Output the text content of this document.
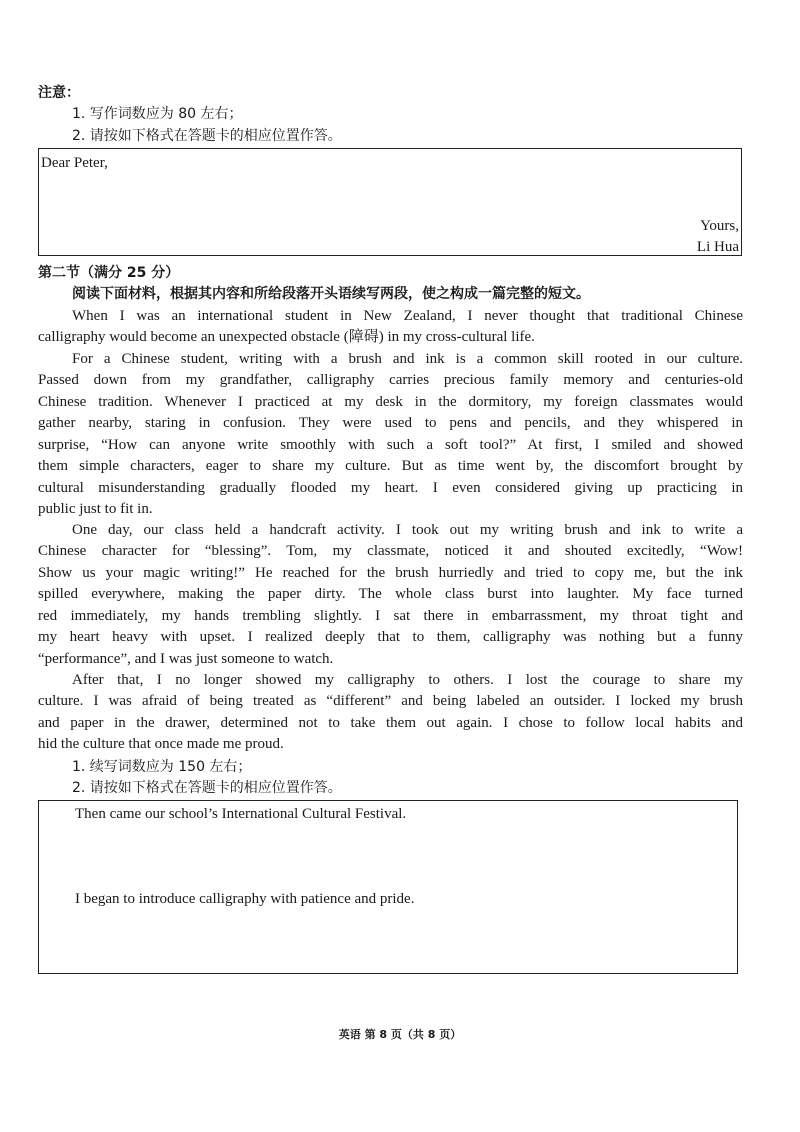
注意：
1. 写作词数应为 80 左右；
2. 请按如下格式在答题卡的相应位置作答。
Dear Peter,
Yours,
Li Hua
第二节（满分 25 分）
阅读下面材料，根据其内容和所给段落开头语续写两段，使之构成一篇完整的短文。
When I was an international student in New Zealand, I never thought that traditional Chinese
calligraphy would become an unexpected obstacle (障碍) in my cross-cultural life.
For a Chinese student, writing with a brush and ink is a common skill rooted in our culture.
Passed down from my grandfather, calligraphy carries precious family memory and centuries-old
Chinese tradition. Whenever I practiced at my desk in the dormitory, my foreign classmates would
gather nearby, staring in confusion. They were used to pens and pencils, and they whispered in
surprise, “How can anyone write smoothly with such a soft tool?” At first, I smiled and showed
them simple characters, eager to share my culture. But as time went by, the discomfort brought by
cultural misunderstanding gradually flooded my heart. I even considered giving up practicing in
public just to fit in.
One day, our class held a handcraft activity. I took out my writing brush and ink to write a
Chinese character for “blessing”. Tom, my classmate, noticed it and shouted excitedly, “Wow!
Show us your magic writing!” He reached for the brush hurriedly and tried to copy me, but the ink
spilled everywhere, making the paper dirty. The whole class burst into laughter. My face turned
red immediately, my hands trembling slightly. I sat there in embarrassment, my throat tight and
my heart heavy with upset. I realized deeply that to them, calligraphy was nothing but a funny
“performance”, and I was just someone to watch.
After that, I no longer showed my calligraphy to others. I lost the courage to share my
culture. I was afraid of being treated as “different” and being labeled an outsider. I locked my brush
and paper in the drawer, determined not to take them out again. I chose to follow local habits and
hid the culture that once made me proud.
1. 续写词数应为 150 左右；
2. 请按如下格式在答题卡的相应位置作答。
Then came our school’s International Cultural Festival.
I began to introduce calligraphy with patience and pride.
英语 第 8 页（共 8 页）
